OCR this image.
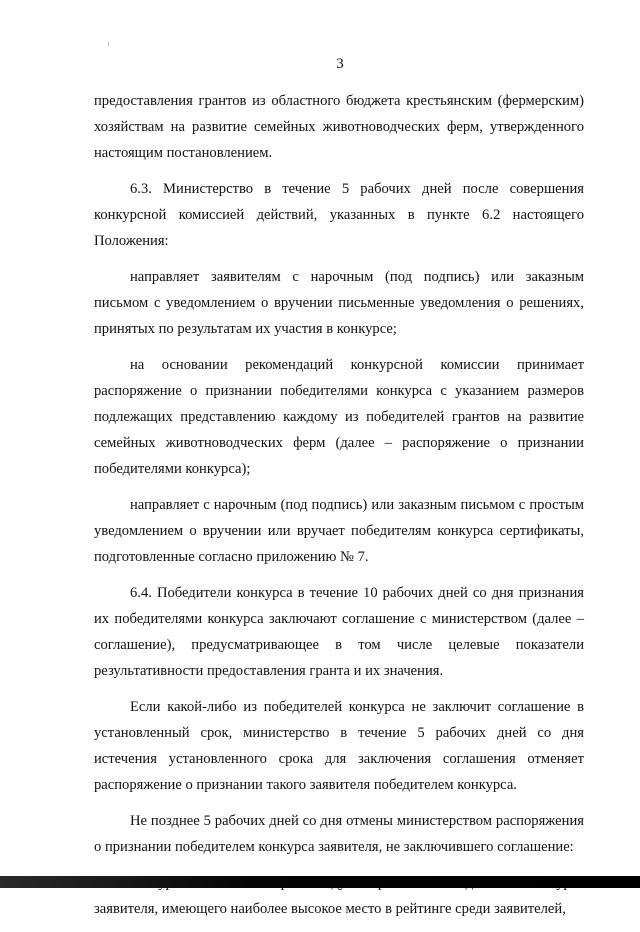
3

предоставления грантов из областного бюджета крестьянским (фермерским) хозяйствам на развитие семейных животноводческих ферм, утвержденного настоящим постановлением.

6.3. Министерство в течение 5 рабочих дней после совершения конкурсной комиссией действий, указанных в пункте 6.2 настоящего Положения:

направляет заявителям с нарочным (под подпись) или заказным письмом с уведомлением о вручении письменные уведомления о решениях, принятых по результатам их участия в конкурсе;

на основании рекомендаций конкурсной комиссии принимает распоряжение о признании победителями конкурса с указанием размеров подлежащих представлению каждому из победителей грантов на развитие семейных животноводческих ферм (далее – распоряжение о признании победителями конкурса);

направляет с нарочным (под подпись) или заказным письмом с простым уведомлением о вручении или вручает победителям конкурса сертификаты, подготовленные согласно приложению № 7.

6.4. Победители конкурса в течение 10 рабочих дней со дня признания их победителями конкурса заключают соглашение с министерством (далее – соглашение), предусматривающее в том числе целевые показатели результативности предоставления гранта и их значения.

Если какой-либо из победителей конкурса не заключит соглашение в установленный срок, министерство в течение 5 рабочих дней со дня истечения установленного срока для заключения соглашения отменяет распоряжение о признании такого заявителя победителем конкурса.

Не позднее 5 рабочих дней со дня отмены министерством распоряжения о признании победителем конкурса заявителя, не заключившего соглашение:

заявителя, имеющего наиболее высокое место в рейтинге среди заявителей,
